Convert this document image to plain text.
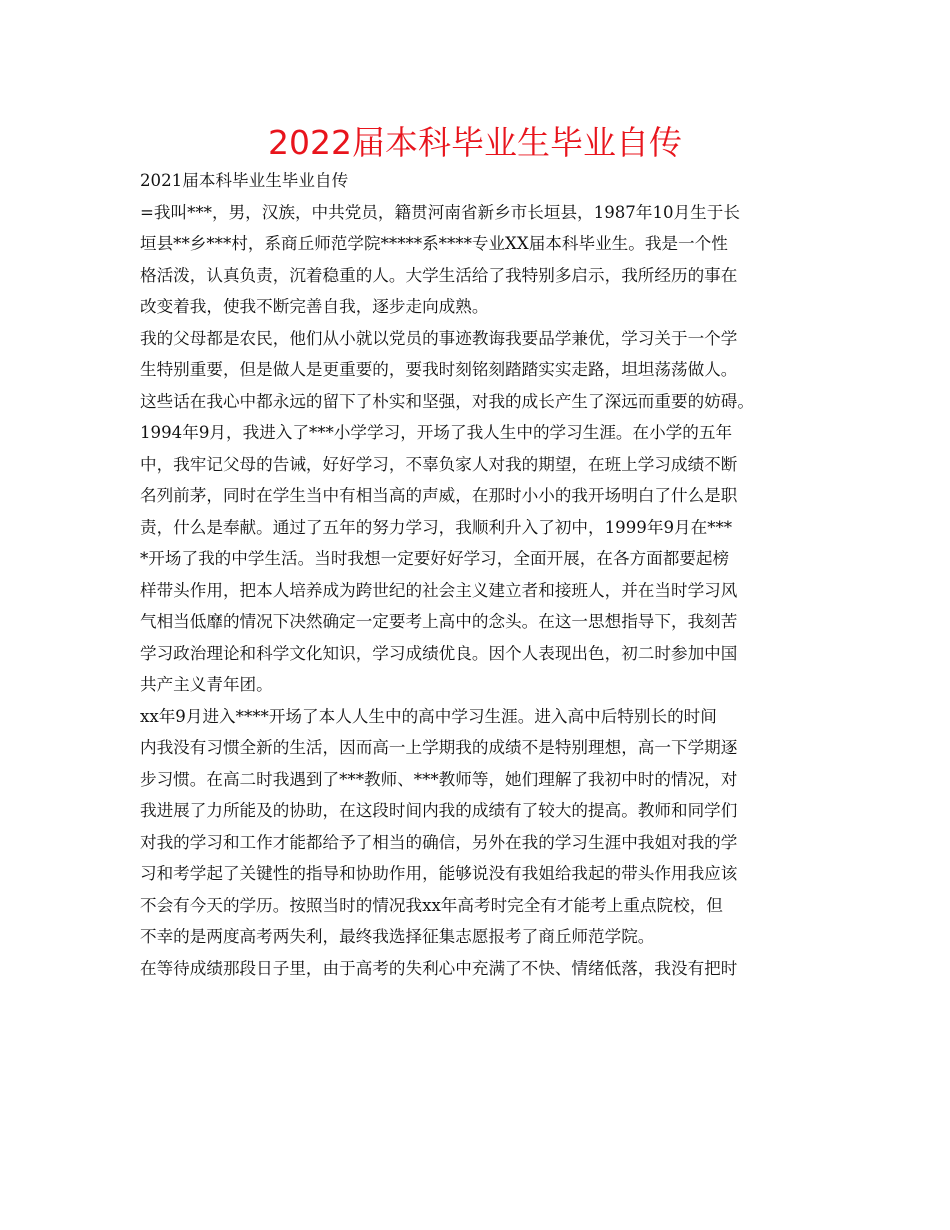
2022届本科毕业生毕业自传
2021届本科毕业生毕业自传
=我叫***，男，汉族，中共党员，籍贯河南省新乡市长垣县，1987年10月生于长
垣县**乡***村，系商丘师范学院*****系****专业XX届本科毕业生。我是一个性
格活泼，认真负责，沉着稳重的人。大学生活给了我特别多启示，我所经历的事在
改变着我，使我不断完善自我，逐步走向成熟。
我的父母都是农民，他们从小就以党员的事迹教诲我要品学兼优，学习关于一个学
生特别重要，但是做人是更重要的，要我时刻铭刻踏踏实实走路，坦坦荡荡做人。
这些话在我心中都永远的留下了朴实和坚强，对我的成长产生了深远而重要的妨碍。
1994年9月，我进入了***小学学习，开场了我人生中的学习生涯。在小学的五年
中，我牢记父母的告诫，好好学习，不辜负家人对我的期望，在班上学习成绩不断
名列前茅，同时在学生当中有相当高的声威，在那时小小的我开场明白了什么是职
责，什么是奉献。通过了五年的努力学习，我顺利升入了初中，1999年9月在***
*开场了我的中学生活。当时我想一定要好好学习，全面开展，在各方面都要起榜
样带头作用，把本人培养成为跨世纪的社会主义建立者和接班人，并在当时学习风
气相当低靡的情况下决然确定一定要考上高中的念头。在这一思想指导下，我刻苦
学习政治理论和科学文化知识，学习成绩优良。因个人表现出色，初二时参加中国
共产主义青年团。
xx年9月进入****开场了本人人生中的高中学习生涯。进入高中后特别长的时间
内我没有习惯全新的生活，因而高一上学期我的成绩不是特别理想，高一下学期逐
步习惯。在高二时我遇到了***教师、***教师等，她们理解了我初中时的情况，对
我进展了力所能及的协助，在这段时间内我的成绩有了较大的提高。教师和同学们
对我的学习和工作才能都给予了相当的确信，另外在我的学习生涯中我姐对我的学
习和考学起了关键性的指导和协助作用，能够说没有我姐给我起的带头作用我应该
不会有今天的学历。按照当时的情况我xx年高考时完全有才能考上重点院校，但
不幸的是两度高考两失利，最终我选择征集志愿报考了商丘师范学院。
在等待成绩那段日子里，由于高考的失利心中充满了不快、情绪低落，我没有把时
